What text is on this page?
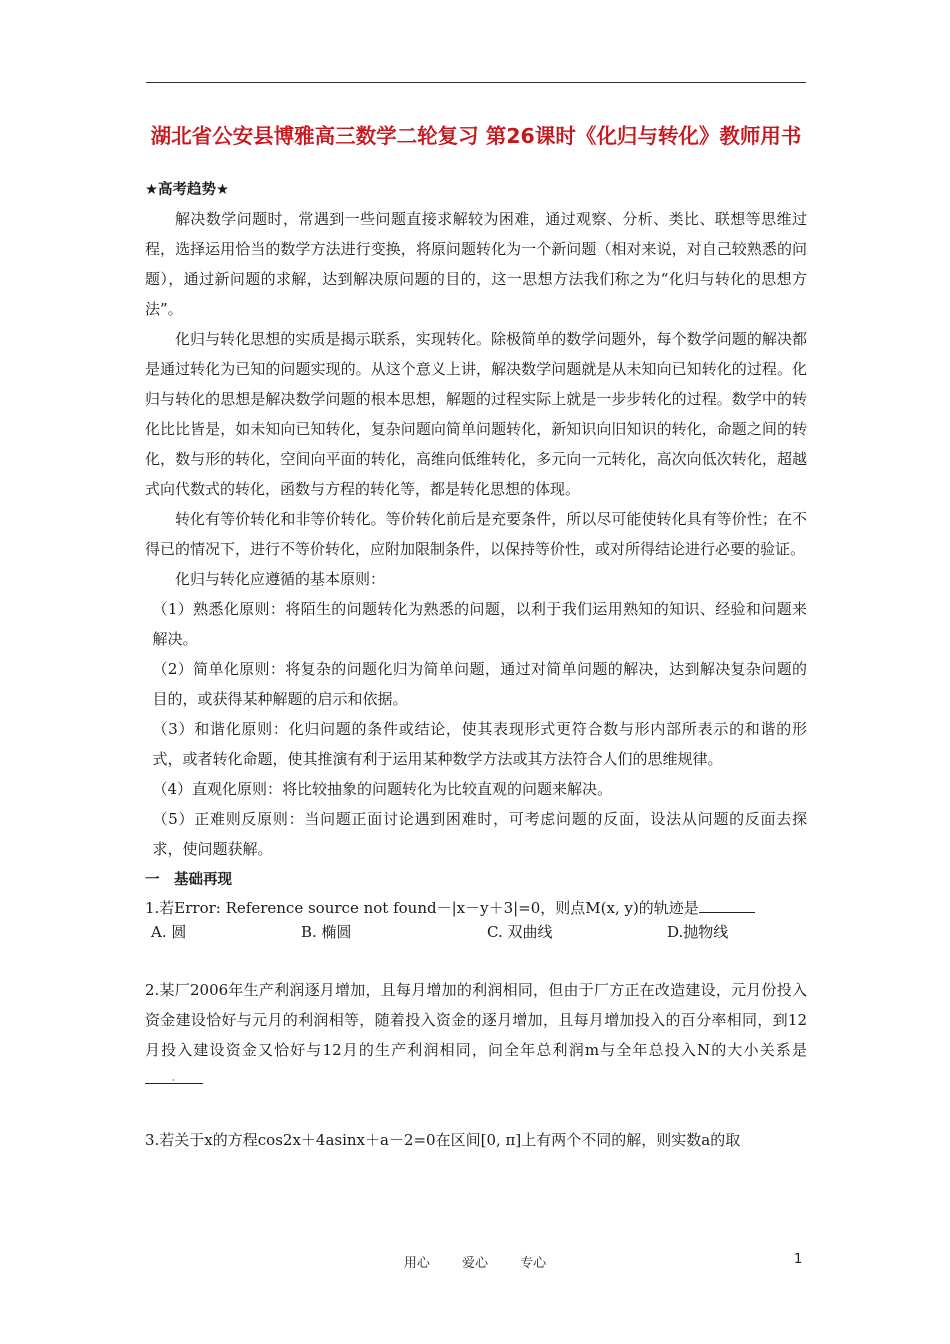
湖北省公安县博雅高三数学二轮复习 第26课时《化归与转化》教师用书

★高考趋势★

解决数学问题时，常遇到一些问题直接求解较为困难，通过观察、分析、类比、联想等思维过程，选择运用恰当的数学方法进行变换，将原问题转化为一个新问题（相对来说，对自己较熟悉的问题），通过新问题的求解，达到解决原问题的目的，这一思想方法我们称之为“化归与转化的思想方法”。

化归与转化思想的实质是揭示联系，实现转化。除极简单的数学问题外，每个数学问题的解决都是通过转化为已知的问题实现的。从这个意义上讲，解决数学问题就是从未知向已知转化的过程。化归与转化的思想是解决数学问题的根本思想，解题的过程实际上就是一步步转化的过程。数学中的转化比比皆是，如未知向已知转化，复杂问题向简单问题转化，新知识向旧知识的转化，命题之间的转化，数与形的转化，空间向平面的转化，高维向低维转化，多元向一元转化，高次向低次转化，超越式向代数式的转化，函数与方程的转化等，都是转化思想的体现。

转化有等价转化和非等价转化。等价转化前后是充要条件，所以尽可能使转化具有等价性；在不得已的情况下，进行不等价转化，应附加限制条件，以保持等价性，或对所得结论进行必要的验证。

化归与转化应遵循的基本原则：

（1）熟悉化原则：将陌生的问题转化为熟悉的问题，以利于我们运用熟知的知识、经验和问题来解决。

（2）简单化原则：将复杂的问题化归为简单问题，通过对简单问题的解决，达到解决复杂问题的目的，或获得某种解题的启示和依据。

（3）和谐化原则：化归问题的条件或结论，使其表现形式更符合数与形内部所表示的和谐的形式，或者转化命题，使其推演有利于运用某种数学方法或其方法符合人们的思维规律。

（4）直观化原则：将比较抽象的问题转化为比较直观的问题来解决。

（5）正难则反原则：当问题正面讨论遇到困难时，可考虑问题的反面，设法从问题的反面去探求，使问题获解。

一　基础再现

1.若Error: Reference source not found－|x－y＋3|=0，则点M(x, y)的轨迹是

A. 圆	B. 椭圆	C. 双曲线	D.抛物线

2.某厂2006年生产利润逐月增加，且每月增加的利润相同，但由于厂方正在改造建设，元月份投入资金建设恰好与元月的利润相等，随着投入资金的逐月增加，且每月增加投入的百分率相同，到12月投入建设资金又恰好与12月的生产利润相同，问全年总利润m与全年总投入N的大小关系是·

3.若关于x的方程cos2x＋4asinx＋a－2=0在区间[0, π]上有两个不同的解，则实数a的取

用心 爱心 专心	1
